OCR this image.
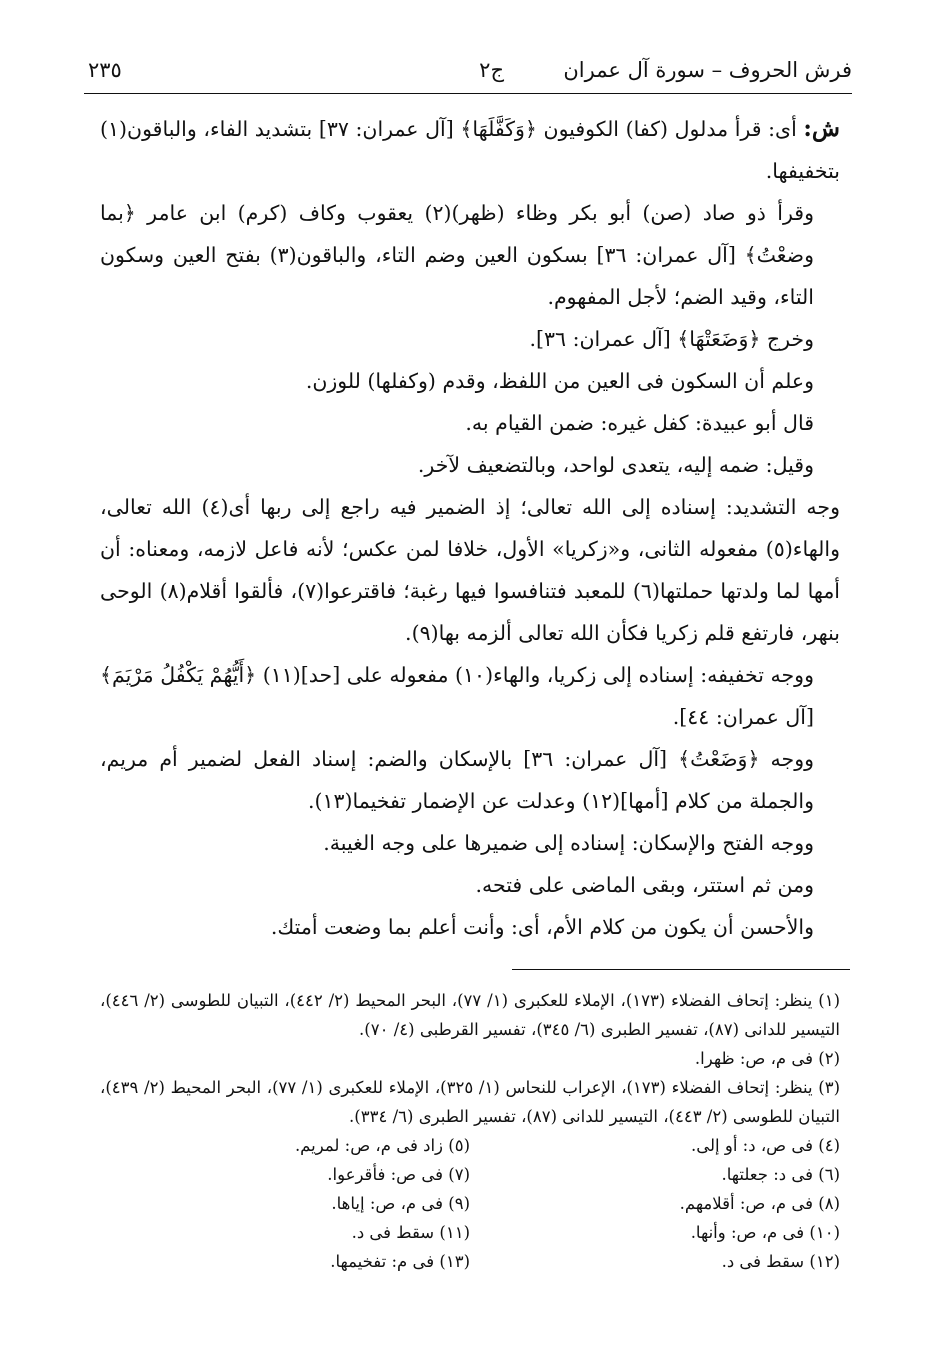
فرش الحروف – سورة آل عمران
ج٢
٢٣٥

ش: أى: قرأ مدلول (كفا) الكوفيون ﴿وَكَفَّلَهَا﴾ [آل عمران: ٣٧] بتشديد الفاء، والباقون(١) بتخفيفها.

وقرأ ذو صاد (صن) أبو بكر وظاء (ظهر)(٢) يعقوب وكاف (كرم) ابن عامر ﴿بما وضعْتُ﴾ [آل عمران: ٣٦] بسكون العين وضم التاء، والباقون(٣) بفتح العين وسكون التاء، وقيد الضم؛ لأجل المفهوم.

وخرج ﴿وَضَعَتْهَا﴾ [آل عمران: ٣٦].

وعلم أن السكون فى العين من اللفظ، وقدم (وكفلها) للوزن.

قال أبو عبيدة: كفل غيره: ضمن القيام به.

وقيل: ضمه إليه، يتعدى لواحد، وبالتضعيف لآخر.

وجه التشديد: إسناده إلى الله تعالى؛ إذ الضمير فيه راجع إلى ربها أى(٤) الله تعالى، والهاء(٥) مفعوله الثانى، و«زكريا» الأول، خلافا لمن عكس؛ لأنه فاعل لازمه، ومعناه: أن أمها لما ولدتها حملتها(٦) للمعبد فتنافسوا فيها رغبة؛ فاقترعوا(٧)، فألقوا أقلام(٨) الوحى بنهر، فارتفع قلم زكريا فكأن الله تعالى ألزمه بها(٩).

ووجه تخفيفه: إسناده إلى زكريا، والهاء(١٠) مفعوله على [حد](١١) ﴿أَيُّهُمْ يَكْفُلُ مَرْيَمَ﴾ [آل عمران: ٤٤].

ووجه ﴿وَضَعْتُ﴾ [آل عمران: ٣٦] بالإسكان والضم: إسناد الفعل لضمير أم مريم، والجملة من كلام [أمها](١٢) وعدلت عن الإضمار تفخيما(١٣).

ووجه الفتح والإسكان: إسناده إلى ضميرها على وجه الغيبة.

ومن ثم استتر، وبقى الماضى على فتحه.

والأحسن أن يكون من كلام الأم، أى: وأنت أعلم بما وضعت أمتك.

(١) ينظر: إتحاف الفضلاء (١٧٣)، الإملاء للعكبرى (١/ ٧٧)، البحر المحيط (٢/ ٤٤٢)، التبيان للطوسى (٢/ ٤٤٦)، التيسير للدانى (٨٧)، تفسير الطبرى (٦/ ٣٤٥)، تفسير القرطبى (٤/ ٧٠).

(٢) فى م، ص: ظهرا.

(٣) ينظر: إتحاف الفضلاء (١٧٣)، الإعراب للنحاس (١/ ٣٢٥)، الإملاء للعكبرى (١/ ٧٧)، البحر المحيط (٢/ ٤٣٩)، التبيان للطوسى (٢/ ٤٤٣)، التيسير للدانى (٨٧)، تفسير الطبرى (٦/ ٣٣٤).

(٤) فى ص، د: أو إلى.
(٥) زاد فى م، ص: لمريم.
(٦) فى د: جعلتها.
(٧) فى ص: فأقرعوا.
(٨) فى م، ص: أقلامهم.
(٩) فى م، ص: إياها.
(١٠) فى م، ص: وأنها.
(١١) سقط فى د.
(١٢) سقط فى د.
(١٣) فى م: تفخيمها.
